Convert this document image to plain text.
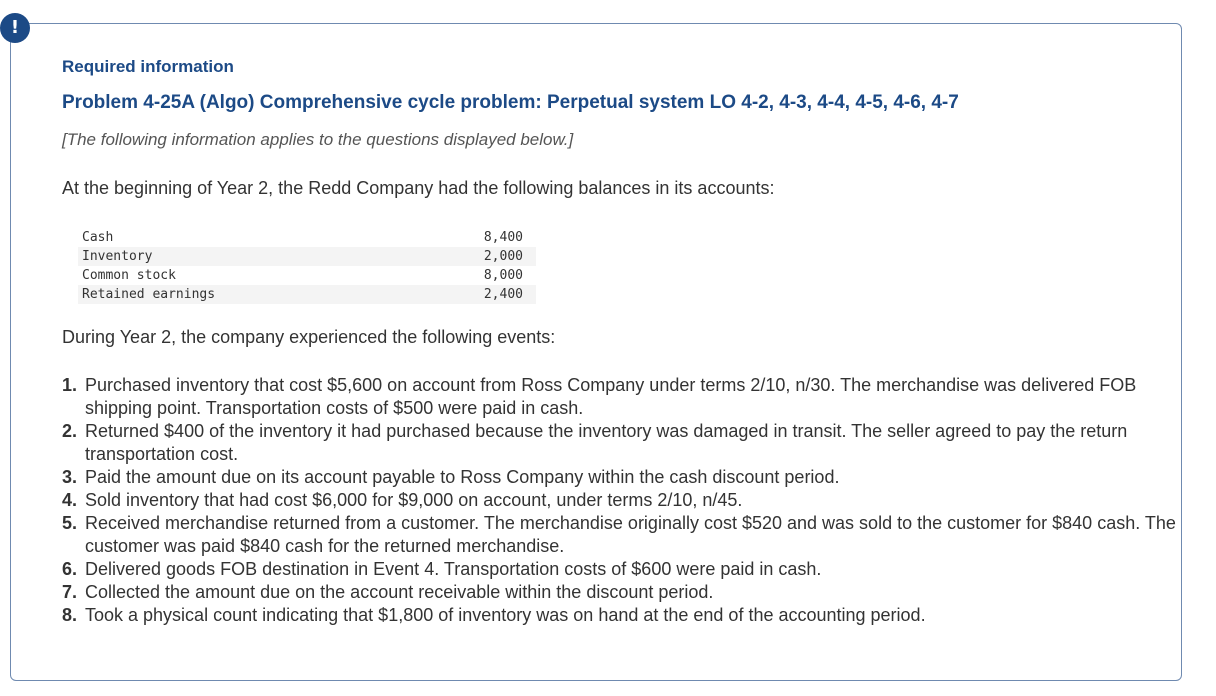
!
Required information
Problem 4-25A (Algo) Comprehensive cycle problem: Perpetual system LO 4-2, 4-3, 4-4, 4-5, 4-6, 4-7
[The following information applies to the questions displayed below.]
At the beginning of Year 2, the Redd Company had the following balances in its accounts:
Cash	8,400
Inventory	2,000
Common stock	8,000
Retained earnings	2,400
During Year 2, the company experienced the following events:
1. Purchased inventory that cost $5,600 on account from Ross Company under terms 2/10, n/30. The merchandise was delivered FOB shipping point. Transportation costs of $500 were paid in cash.
2. Returned $400 of the inventory it had purchased because the inventory was damaged in transit. The seller agreed to pay the return transportation cost.
3. Paid the amount due on its account payable to Ross Company within the cash discount period.
4. Sold inventory that had cost $6,000 for $9,000 on account, under terms 2/10, n/45.
5. Received merchandise returned from a customer. The merchandise originally cost $520 and was sold to the customer for $840 cash. The customer was paid $840 cash for the returned merchandise.
6. Delivered goods FOB destination in Event 4. Transportation costs of $600 were paid in cash.
7. Collected the amount due on the account receivable within the discount period.
8. Took a physical count indicating that $1,800 of inventory was on hand at the end of the accounting period.
